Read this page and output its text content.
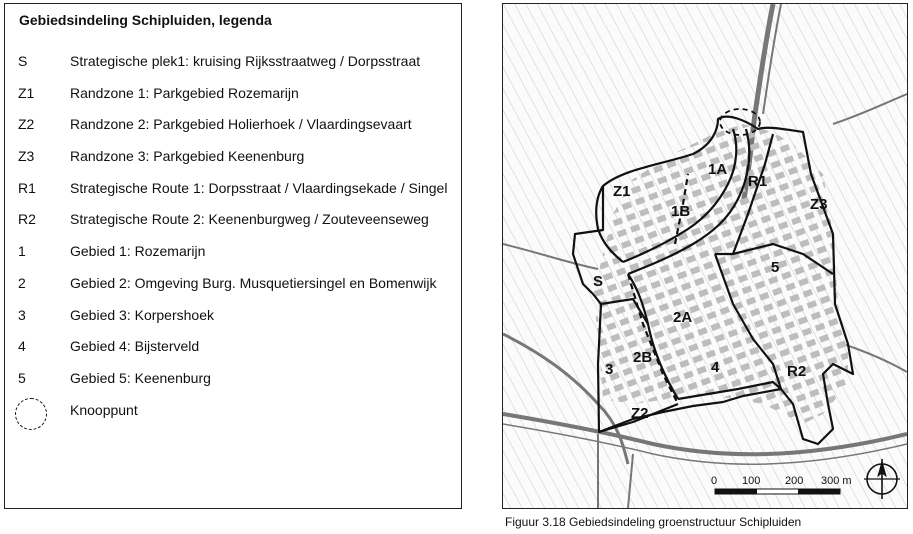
Gebiedsindeling Schipluiden, legenda
S	Strategische plek1: kruising Rijksstraatweg / Dorpsstraat
Z1	Randzone 1: Parkgebied Rozemarijn
Z2	Randzone 2: Parkgebied Holierhoek / Vlaardingsevaart
Z3	Randzone 3: Parkgebied Keenenburg
R1 Strategische Route 1: Dorpsstraat / Vlaardingsekade / Singel
R2 Strategische Route 2: Keenenburgweg / Zouteveenseweg
1	Gebied 1: Rozemarijn
2	Gebied 2: Omgeving Burg. Musquetiersingel en Bomenwijk
3	Gebied 3: Korpershoek
4	Gebied 4: Bijsterveld
5	Gebied 5: Keenenburg
Knooppunt
Z1
1A
1B
R1
Z3
5
S
2A
2B
3	4	R2
Z2
0 100 200 300 m
Figuur 3.18 Gebiedsindeling groenstructuur Schipluiden
